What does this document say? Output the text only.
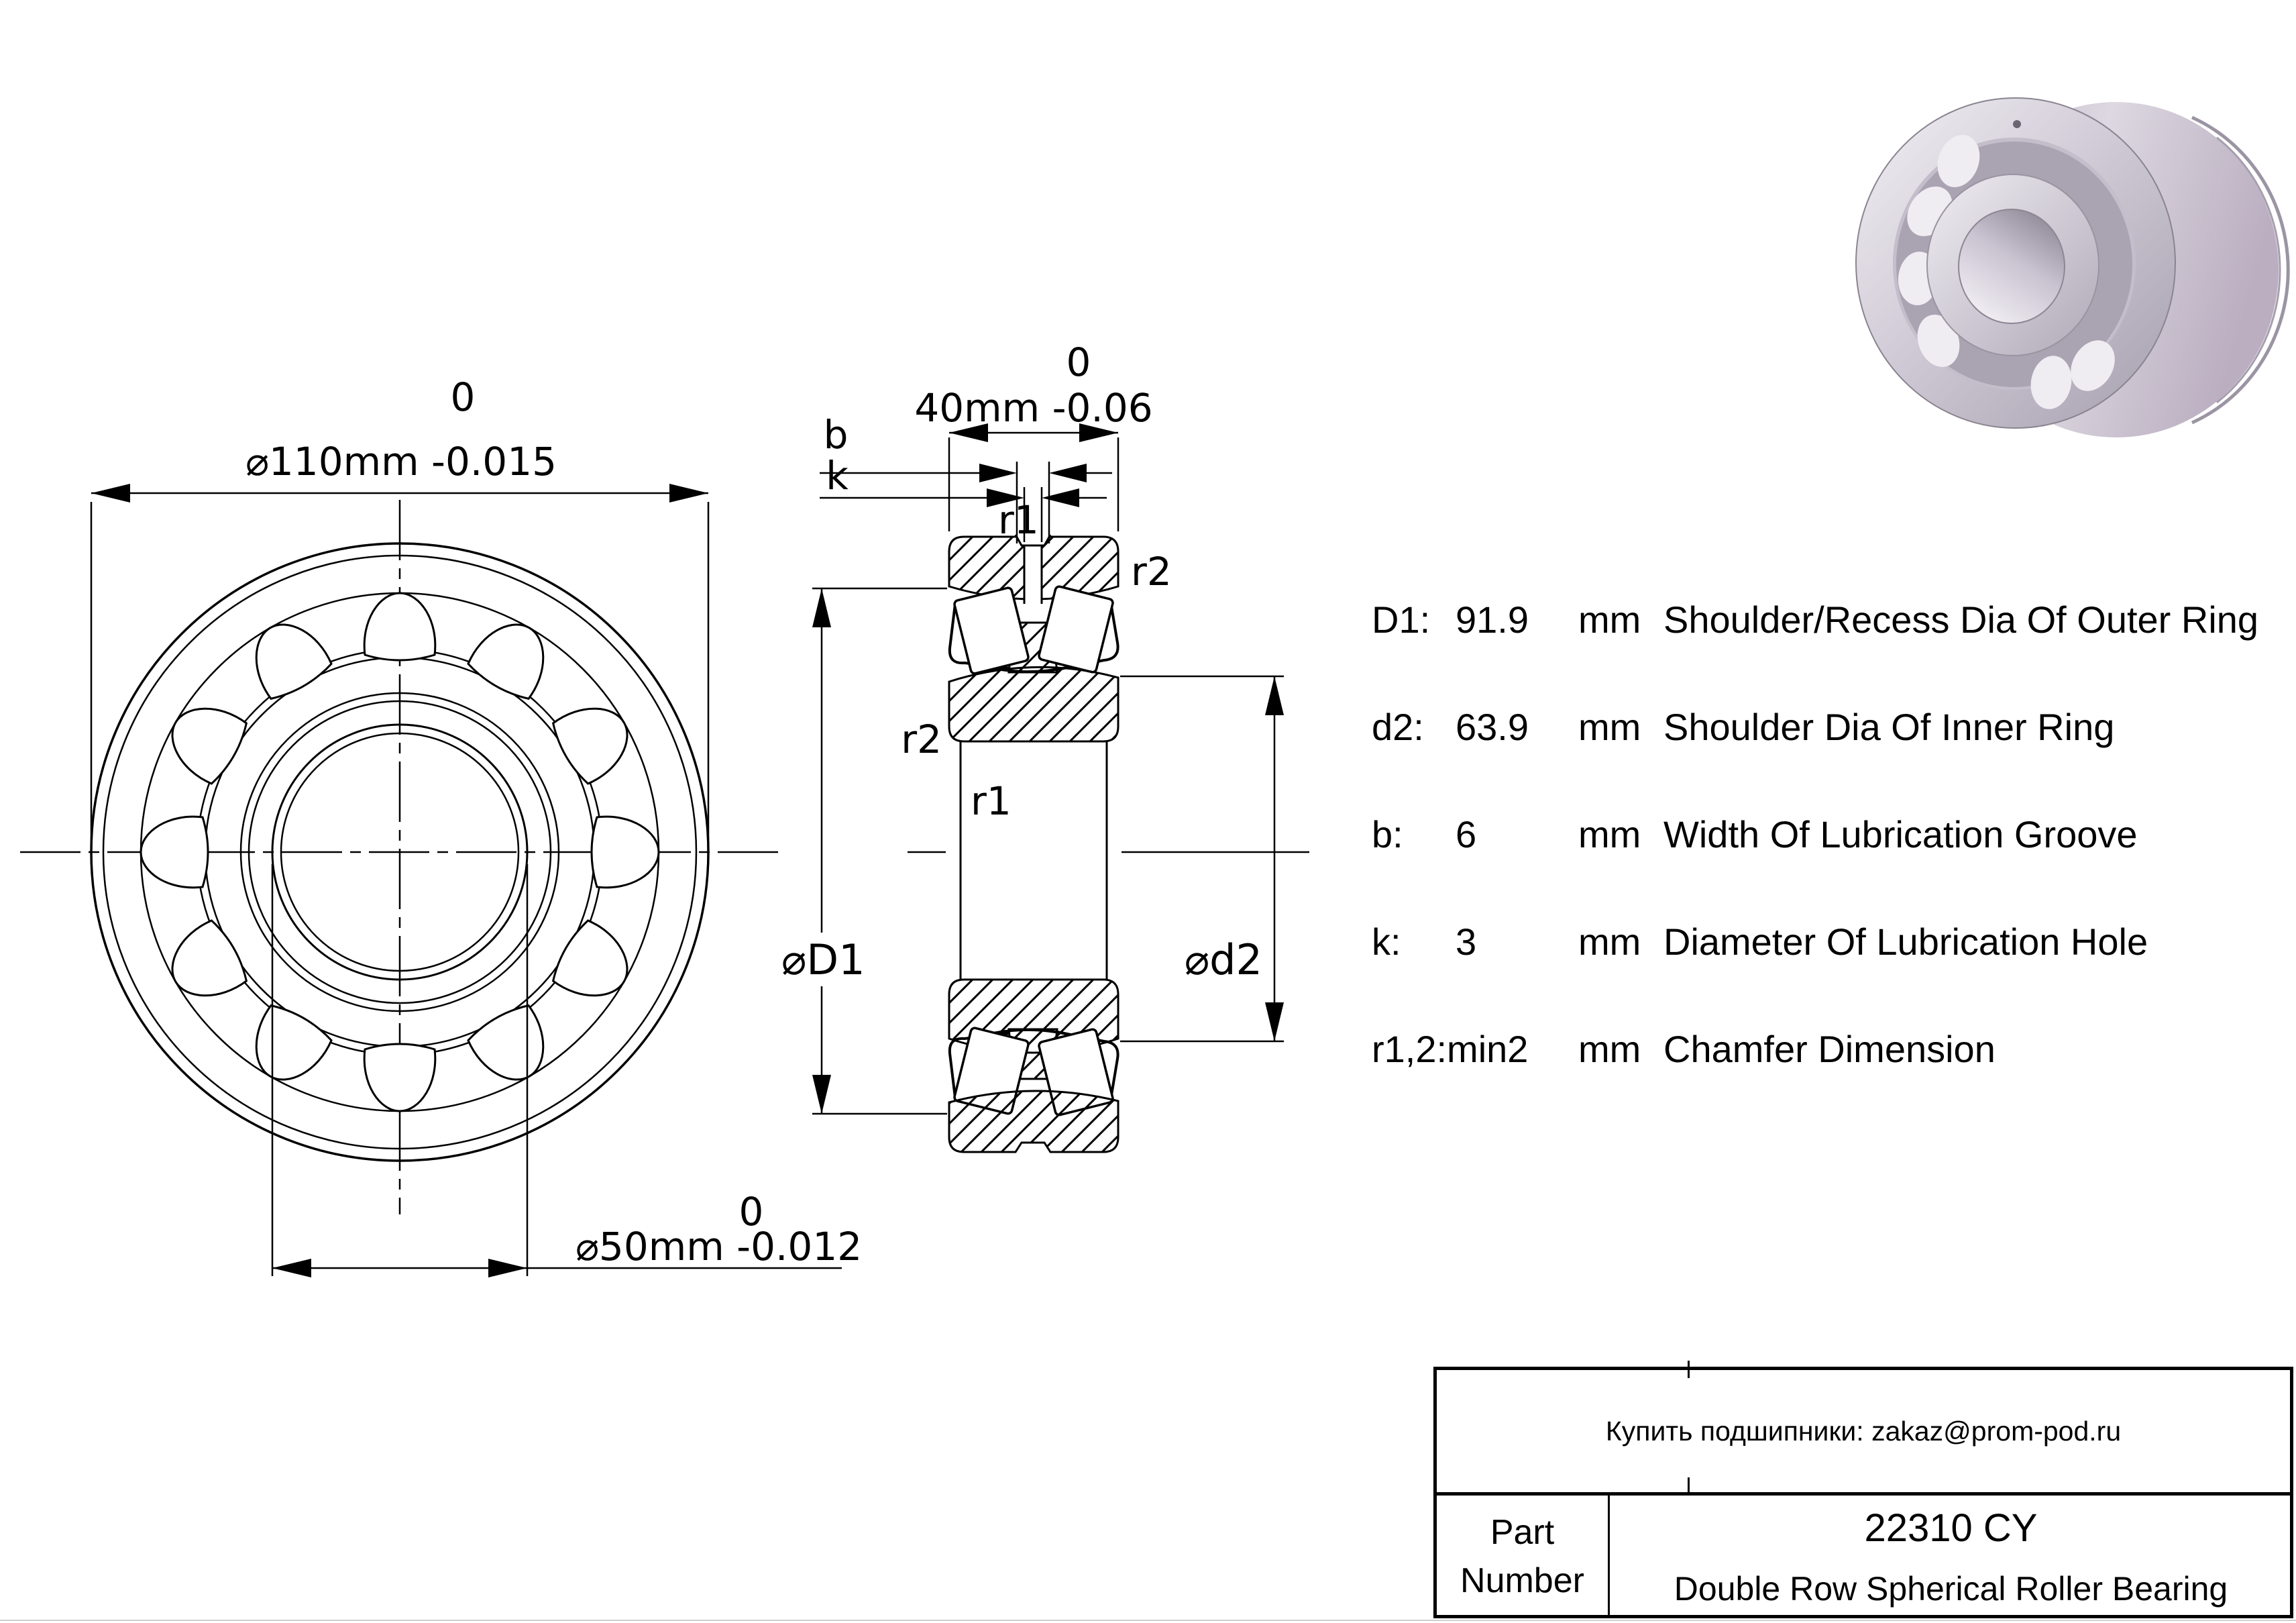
0
⌀110mm -0.015
0
⌀50mm -0.012
0
40mm -0.06
b
k
r1
r2
r2
r1
⌀D1	⌀d2
D1: 91.9 mm Shoulder/Recess Dia Of Outer Ring
d2: 63.9 mm Shoulder Dia Of Inner Ring
b: 6	mm Width Of Lubrication Groove
k: 3	mm Diameter Of Lubrication Hole
r1,2:min2 mm Chamfer Dimension
Купить подшипники: zakaz@prom-pod.ru
Part
Number
22310 CY
Double Row Spherical Roller Bearing
